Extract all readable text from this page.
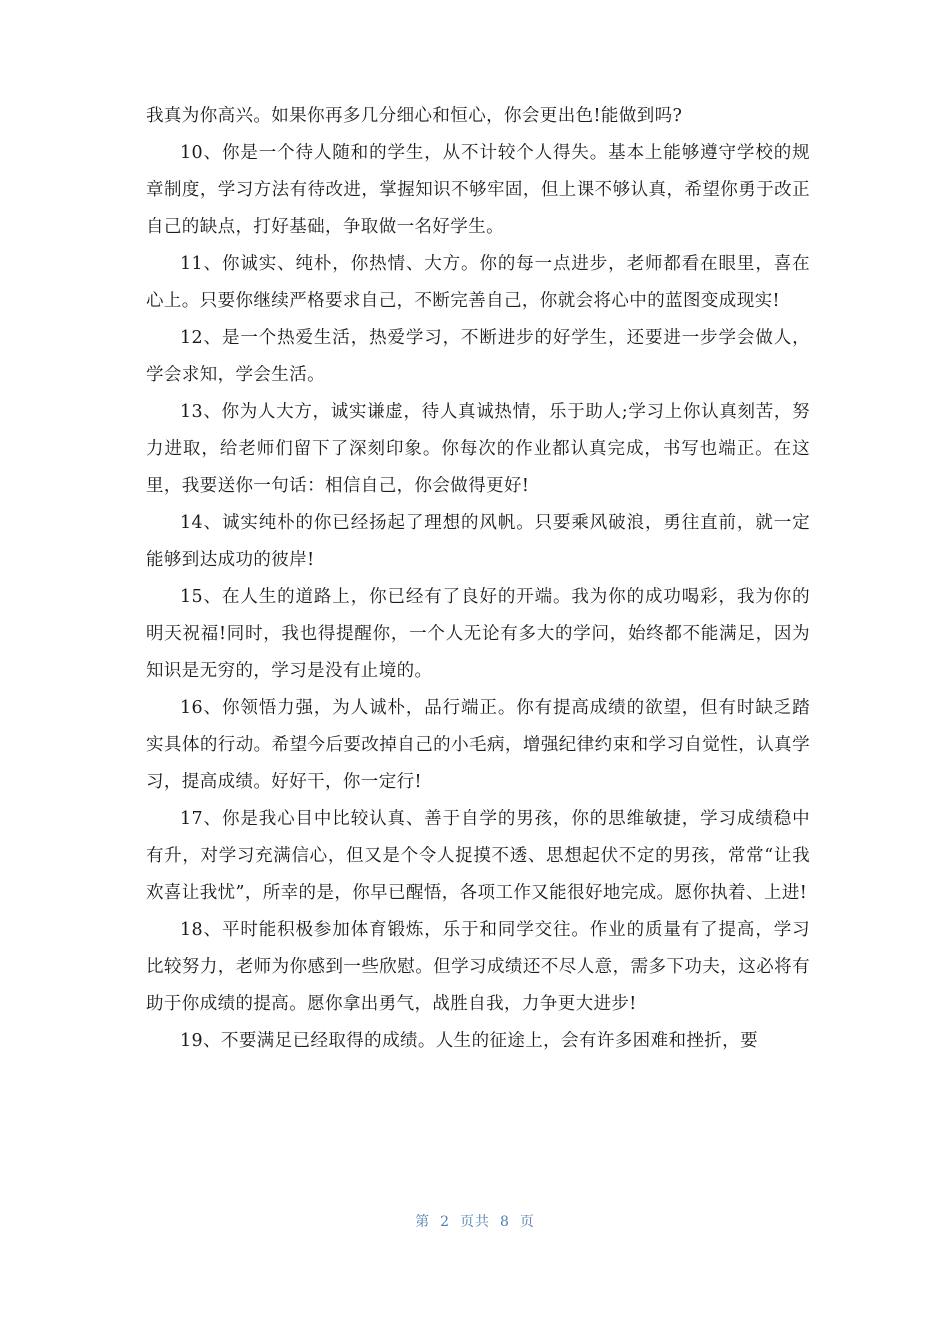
我真为你高兴。如果你再多几分细心和恒心，你会更出色!能做到吗?

10、你是一个待人随和的学生，从不计较个人得失。基本上能够遵守学校的规章制度，学习方法有待改进，掌握知识不够牢固，但上课不够认真，希望你勇于改正自己的缺点，打好基础，争取做一名好学生。

11、你诚实、纯朴，你热情、大方。你的每一点进步，老师都看在眼里，喜在心上。只要你继续严格要求自己，不断完善自己，你就会将心中的蓝图变成现实!

12、是一个热爱生活，热爱学习，不断进步的好学生，还要进一步学会做人，学会求知，学会生活。

13、你为人大方，诚实谦虚，待人真诚热情，乐于助人;学习上你认真刻苦，努力进取，给老师们留下了深刻印象。你每次的作业都认真完成，书写也端正。在这里，我要送你一句话：相信自己，你会做得更好!

14、诚实纯朴的你已经扬起了理想的风帆。只要乘风破浪，勇往直前，就一定能够到达成功的彼岸!

15、在人生的道路上，你已经有了良好的开端。我为你的成功喝彩，我为你的明天祝福!同时，我也得提醒你，一个人无论有多大的学问，始终都不能满足，因为知识是无穷的，学习是没有止境的。

16、你领悟力强，为人诚朴，品行端正。你有提高成绩的欲望，但有时缺乏踏实具体的行动。希望今后要改掉自己的小毛病，增强纪律约束和学习自觉性，认真学习，提高成绩。好好干，你一定行!

17、你是我心目中比较认真、善于自学的男孩，你的思维敏捷，学习成绩稳中有升，对学习充满信心，但又是个令人捉摸不透、思想起伏不定的男孩，常常“让我欢喜让我忧”，所幸的是，你早已醒悟，各项工作又能很好地完成。愿你执着、上进!

18、平时能积极参加体育锻炼，乐于和同学交往。作业的质量有了提高，学习比较努力，老师为你感到一些欣慰。但学习成绩还不尽人意，需多下功夫，这必将有助于你成绩的提高。愿你拿出勇气，战胜自我，力争更大进步!

19、不要满足已经取得的成绩。人生的征途上，会有许多困难和挫折，要

第 2 页共 8 页
